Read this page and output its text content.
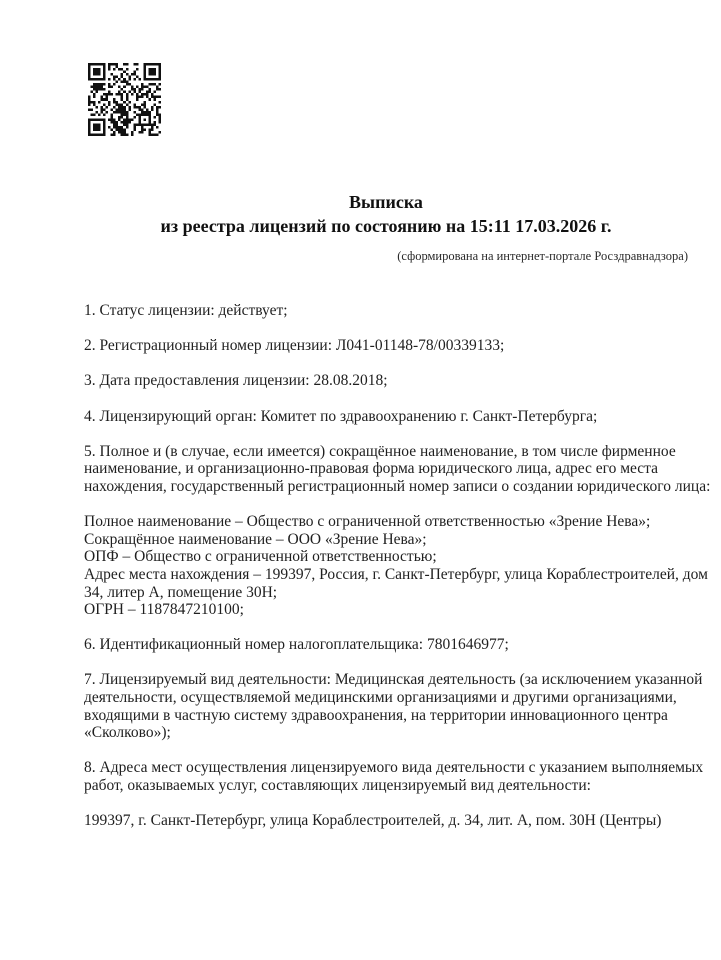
Выписка
из реестра лицензий по состоянию на 15:11 17.03.2026 г.
(сформирована на интернет-портале Росздравнадзора)

1. Статус лицензии: действует;

2. Регистрационный номер лицензии: Л041-01148-78/00339133;

3. Дата предоставления лицензии: 28.08.2018;

4. Лицензирующий орган: Комитет по здравоохранению г. Санкт-Петербурга;

5. Полное и (в случае, если имеется) сокращённое наименование, в том числе фирменное
наименование, и организационно-правовая форма юридического лица, адрес его места
нахождения, государственный регистрационный номер записи о создании юридического лица:

Полное наименование – Общество с ограниченной ответственностью «Зрение Нева»;
Сокращённое наименование – ООО «Зрение Нева»;
ОПФ – Общество с ограниченной ответственностью;
Адрес места нахождения – 199397, Россия, г. Санкт-Петербург, улица Кораблестроителей, дом
34, литер А, помещение 30Н;
ОГРН – 1187847210100;

6. Идентификационный номер налогоплательщика: 7801646977;

7. Лицензируемый вид деятельности: Медицинская деятельность (за исключением указанной
деятельности, осуществляемой медицинскими организациями и другими организациями,
входящими в частную систему здравоохранения, на территории инновационного центра
«Сколково»);

8. Адреса мест осуществления лицензируемого вида деятельности с указанием выполняемых
работ, оказываемых услуг, составляющих лицензируемый вид деятельности:

199397, г. Санкт-Петербург, улица Кораблестроителей, д. 34, лит. А, пом. 30Н (Центры)
